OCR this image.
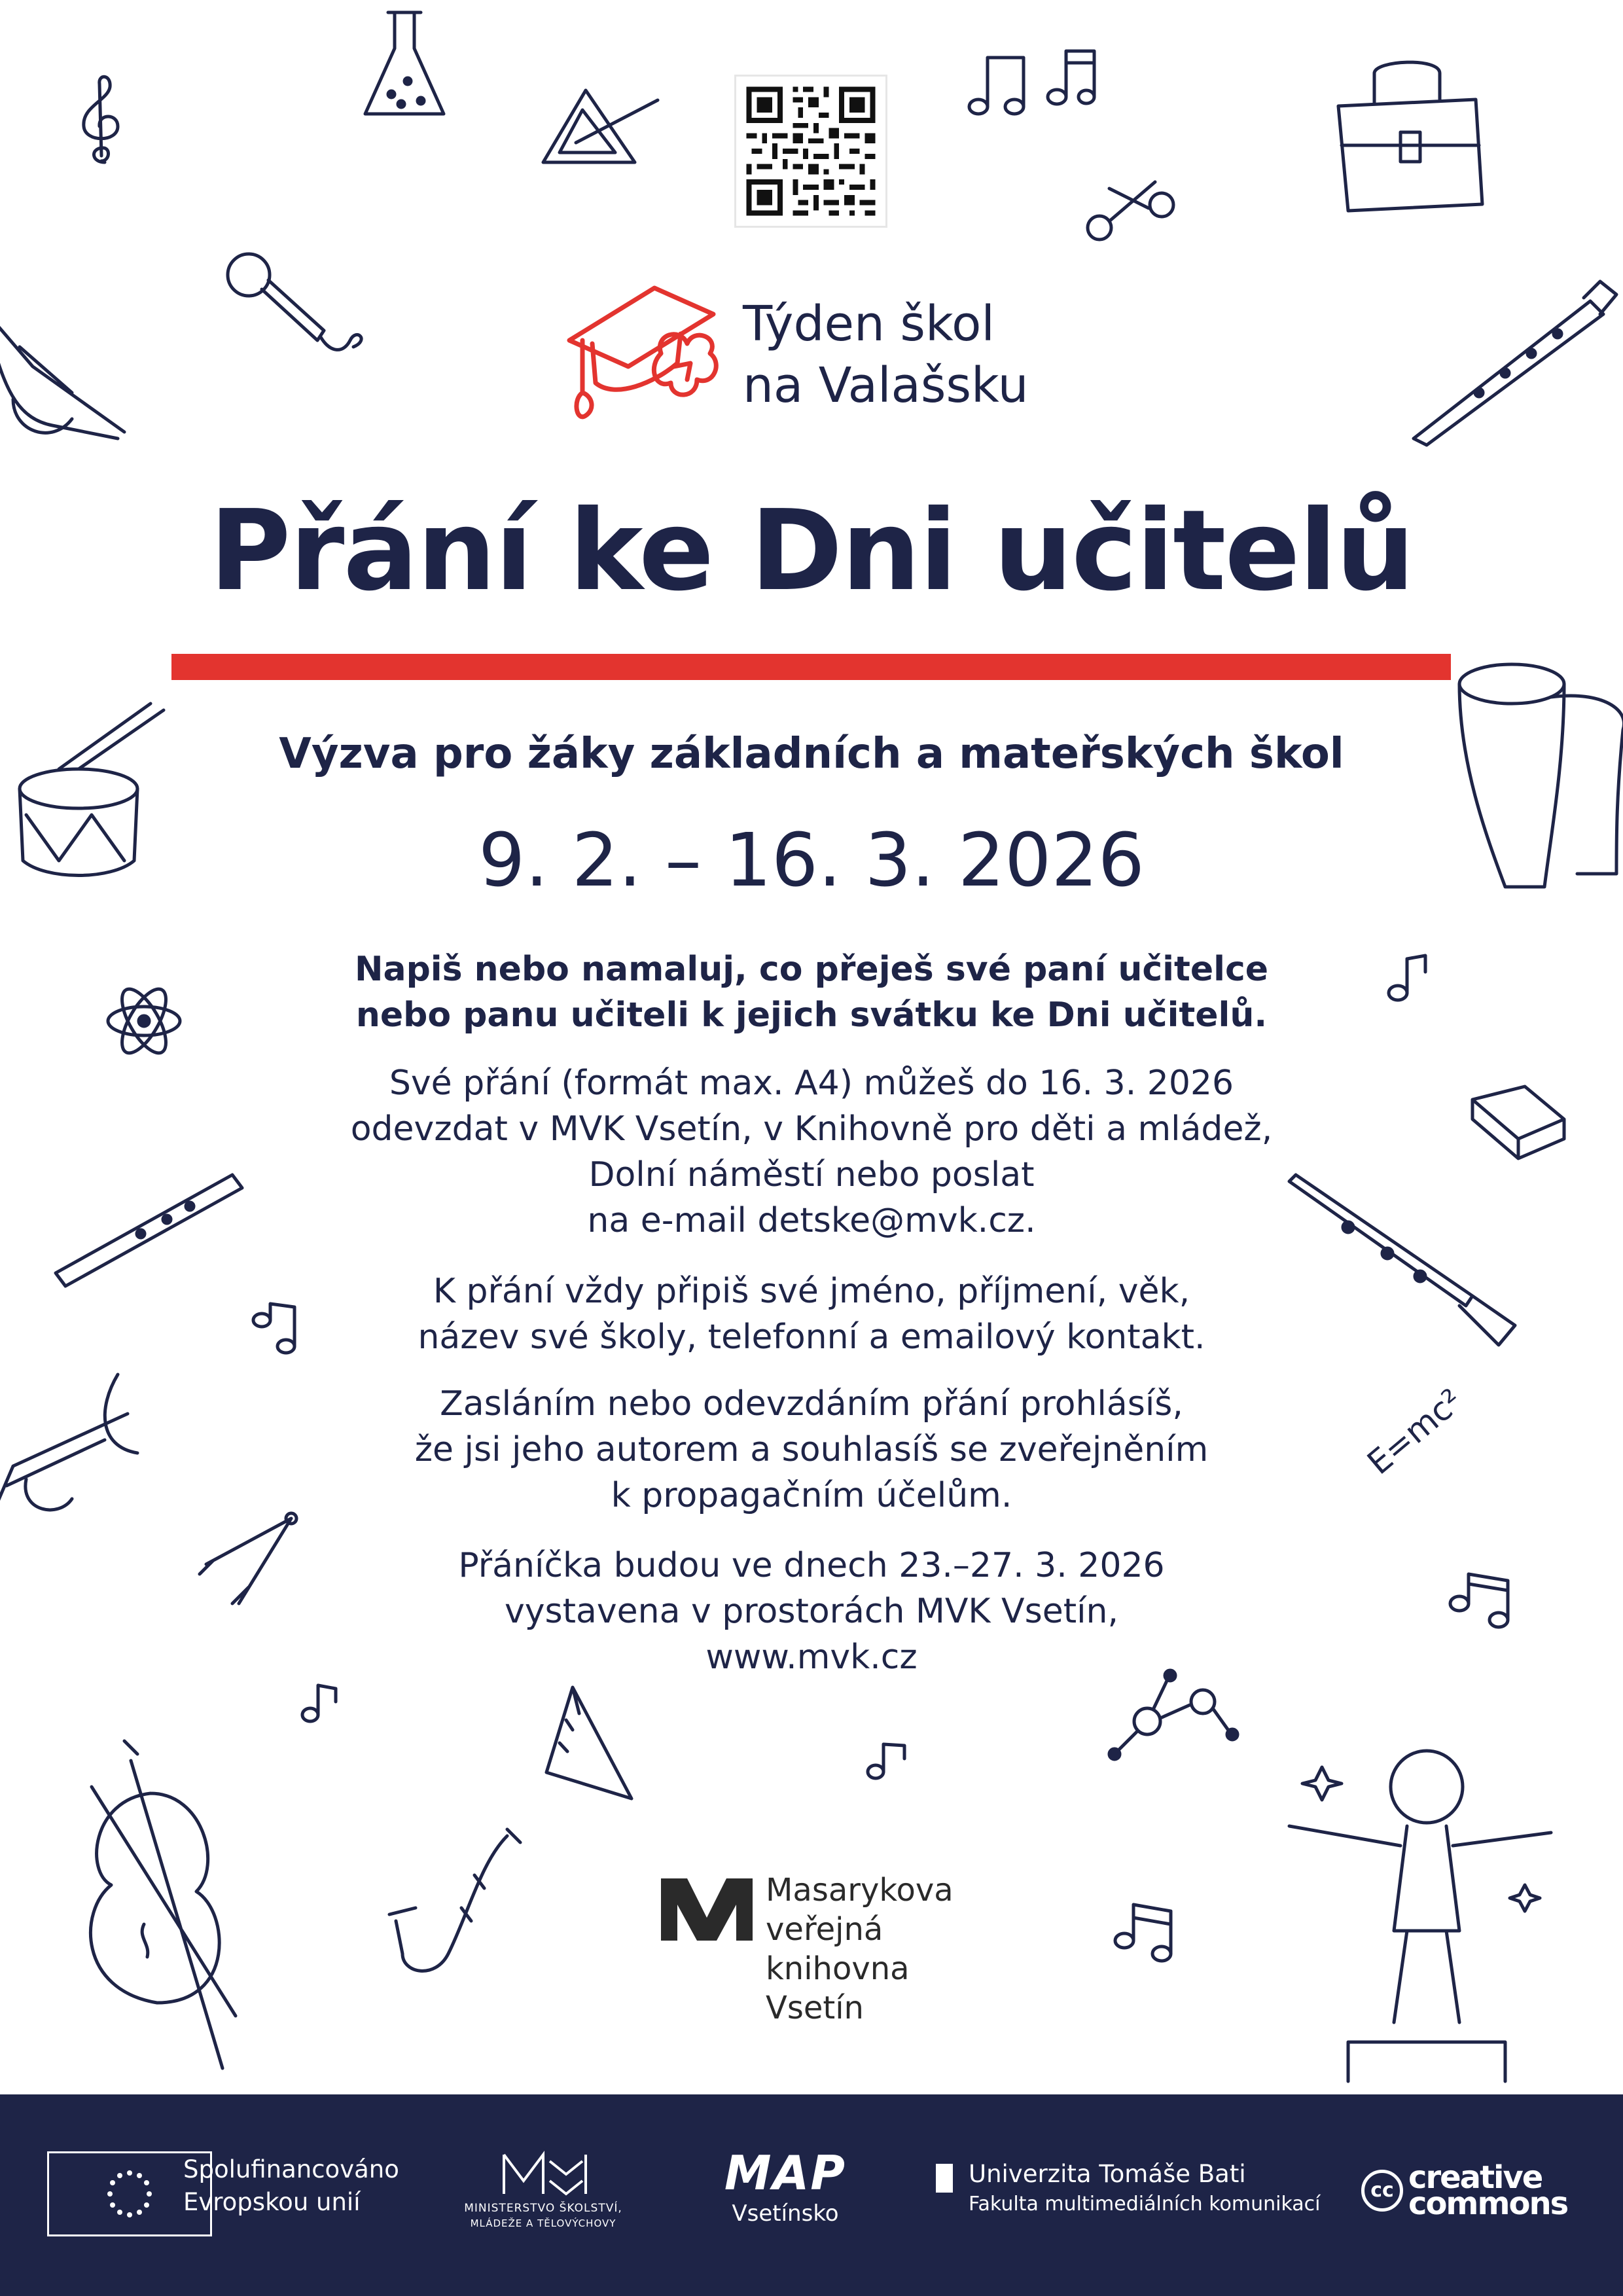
E=mc²
Týden škol
na Valašsku
Přání ke Dni učitelů
Výzva pro žáky základních a mateřských škol
9. 2. – 16. 3. 2026
Napiš nebo namaluj, co přeješ své paní učitelce
nebo panu učiteli k jejich svátku ke Dni učitelů.
Své přání (formát max. A4) můžeš do 16. 3. 2026
odevzdat v MVK Vsetín, v Knihovně pro děti a mládež,
Dolní náměstí nebo poslat
na e-mail detske@mvk.cz.
K přání vždy připiš své jméno, příjmení, věk,
název své školy, telefonní a emailový kontakt.
Zasláním nebo odevzdáním přání prohlásíš,
že jsi jeho autorem a souhlasíš se zveřejněním
k propagačním účelům.
Přáníčka budou ve dnech 23.–27. 3. 2026
vystavena v prostorách MVK Vsetín,
www.mvk.cz
Masarykova
veřejná
knihovna
Vsetín
Spolufinancováno
Evropskou unií	MINISTERSTVO ŠKOLSTVÍ,
MLÁDEŽE A TĚLOVÝCHOVY
MAP
Vsetínsko
Univerzita Tomáše Bati
Fakulta multimediálních komunikací
cc creative
commons
